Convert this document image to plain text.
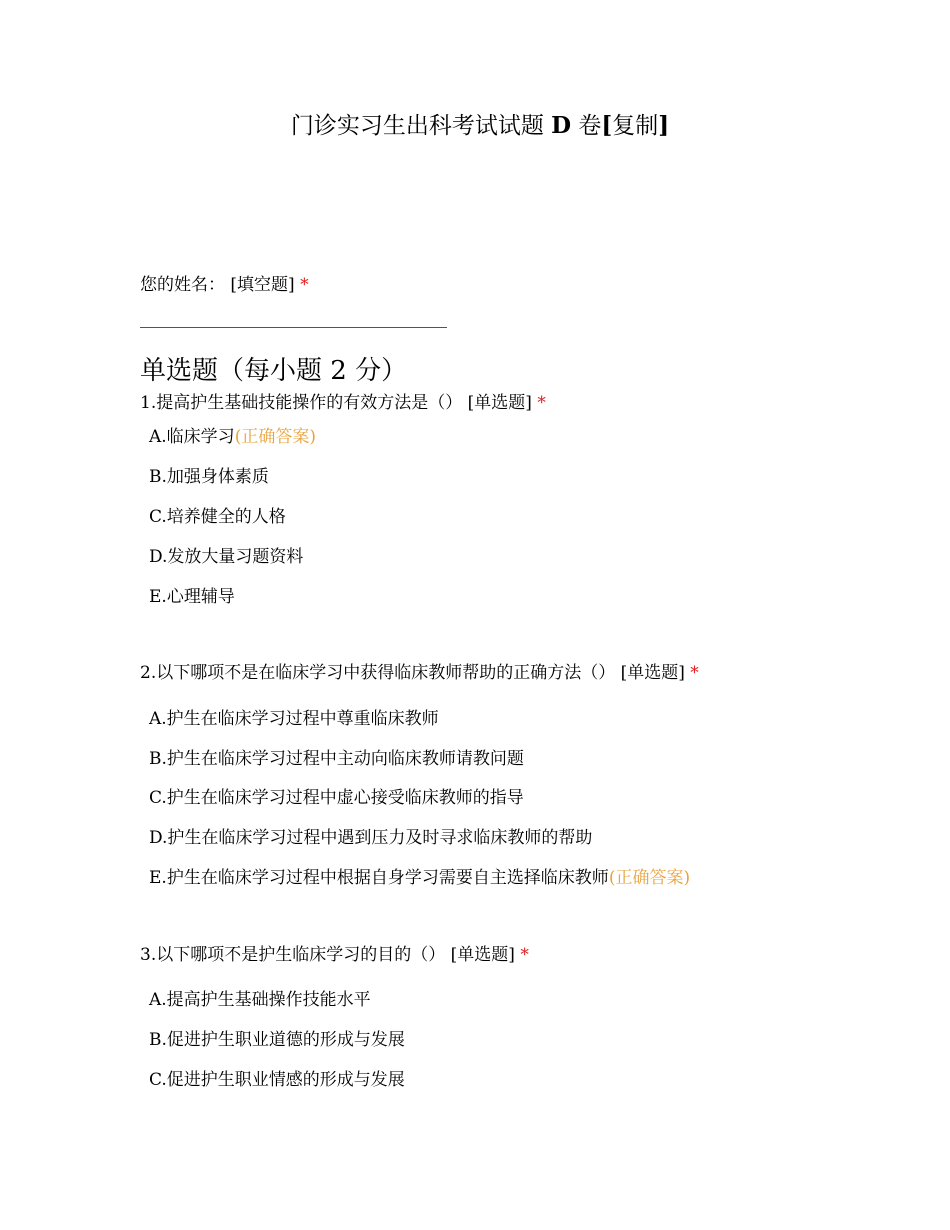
门诊实习生出科考试试题 D 卷[复制]
您的姓名： [填空题] *
单选题（每小题 2 分）
1.提高护生基础技能操作的有效方法是（） [单选题] *
A.临床学习(正确答案)
B.加强身体素质
C.培养健全的人格
D.发放大量习题资料
E.心理辅导
2.以下哪项不是在临床学习中获得临床教师帮助的正确方法（） [单选题] *
A.护生在临床学习过程中尊重临床教师
B.护生在临床学习过程中主动向临床教师请教问题
C.护生在临床学习过程中虚心接受临床教师的指导
D.护生在临床学习过程中遇到压力及时寻求临床教师的帮助
E.护生在临床学习过程中根据自身学习需要自主选择临床教师(正确答案)
3.以下哪项不是护生临床学习的目的（） [单选题] *
A.提高护生基础操作技能水平
B.促进护生职业道德的形成与发展
C.促进护生职业情感的形成与发展
